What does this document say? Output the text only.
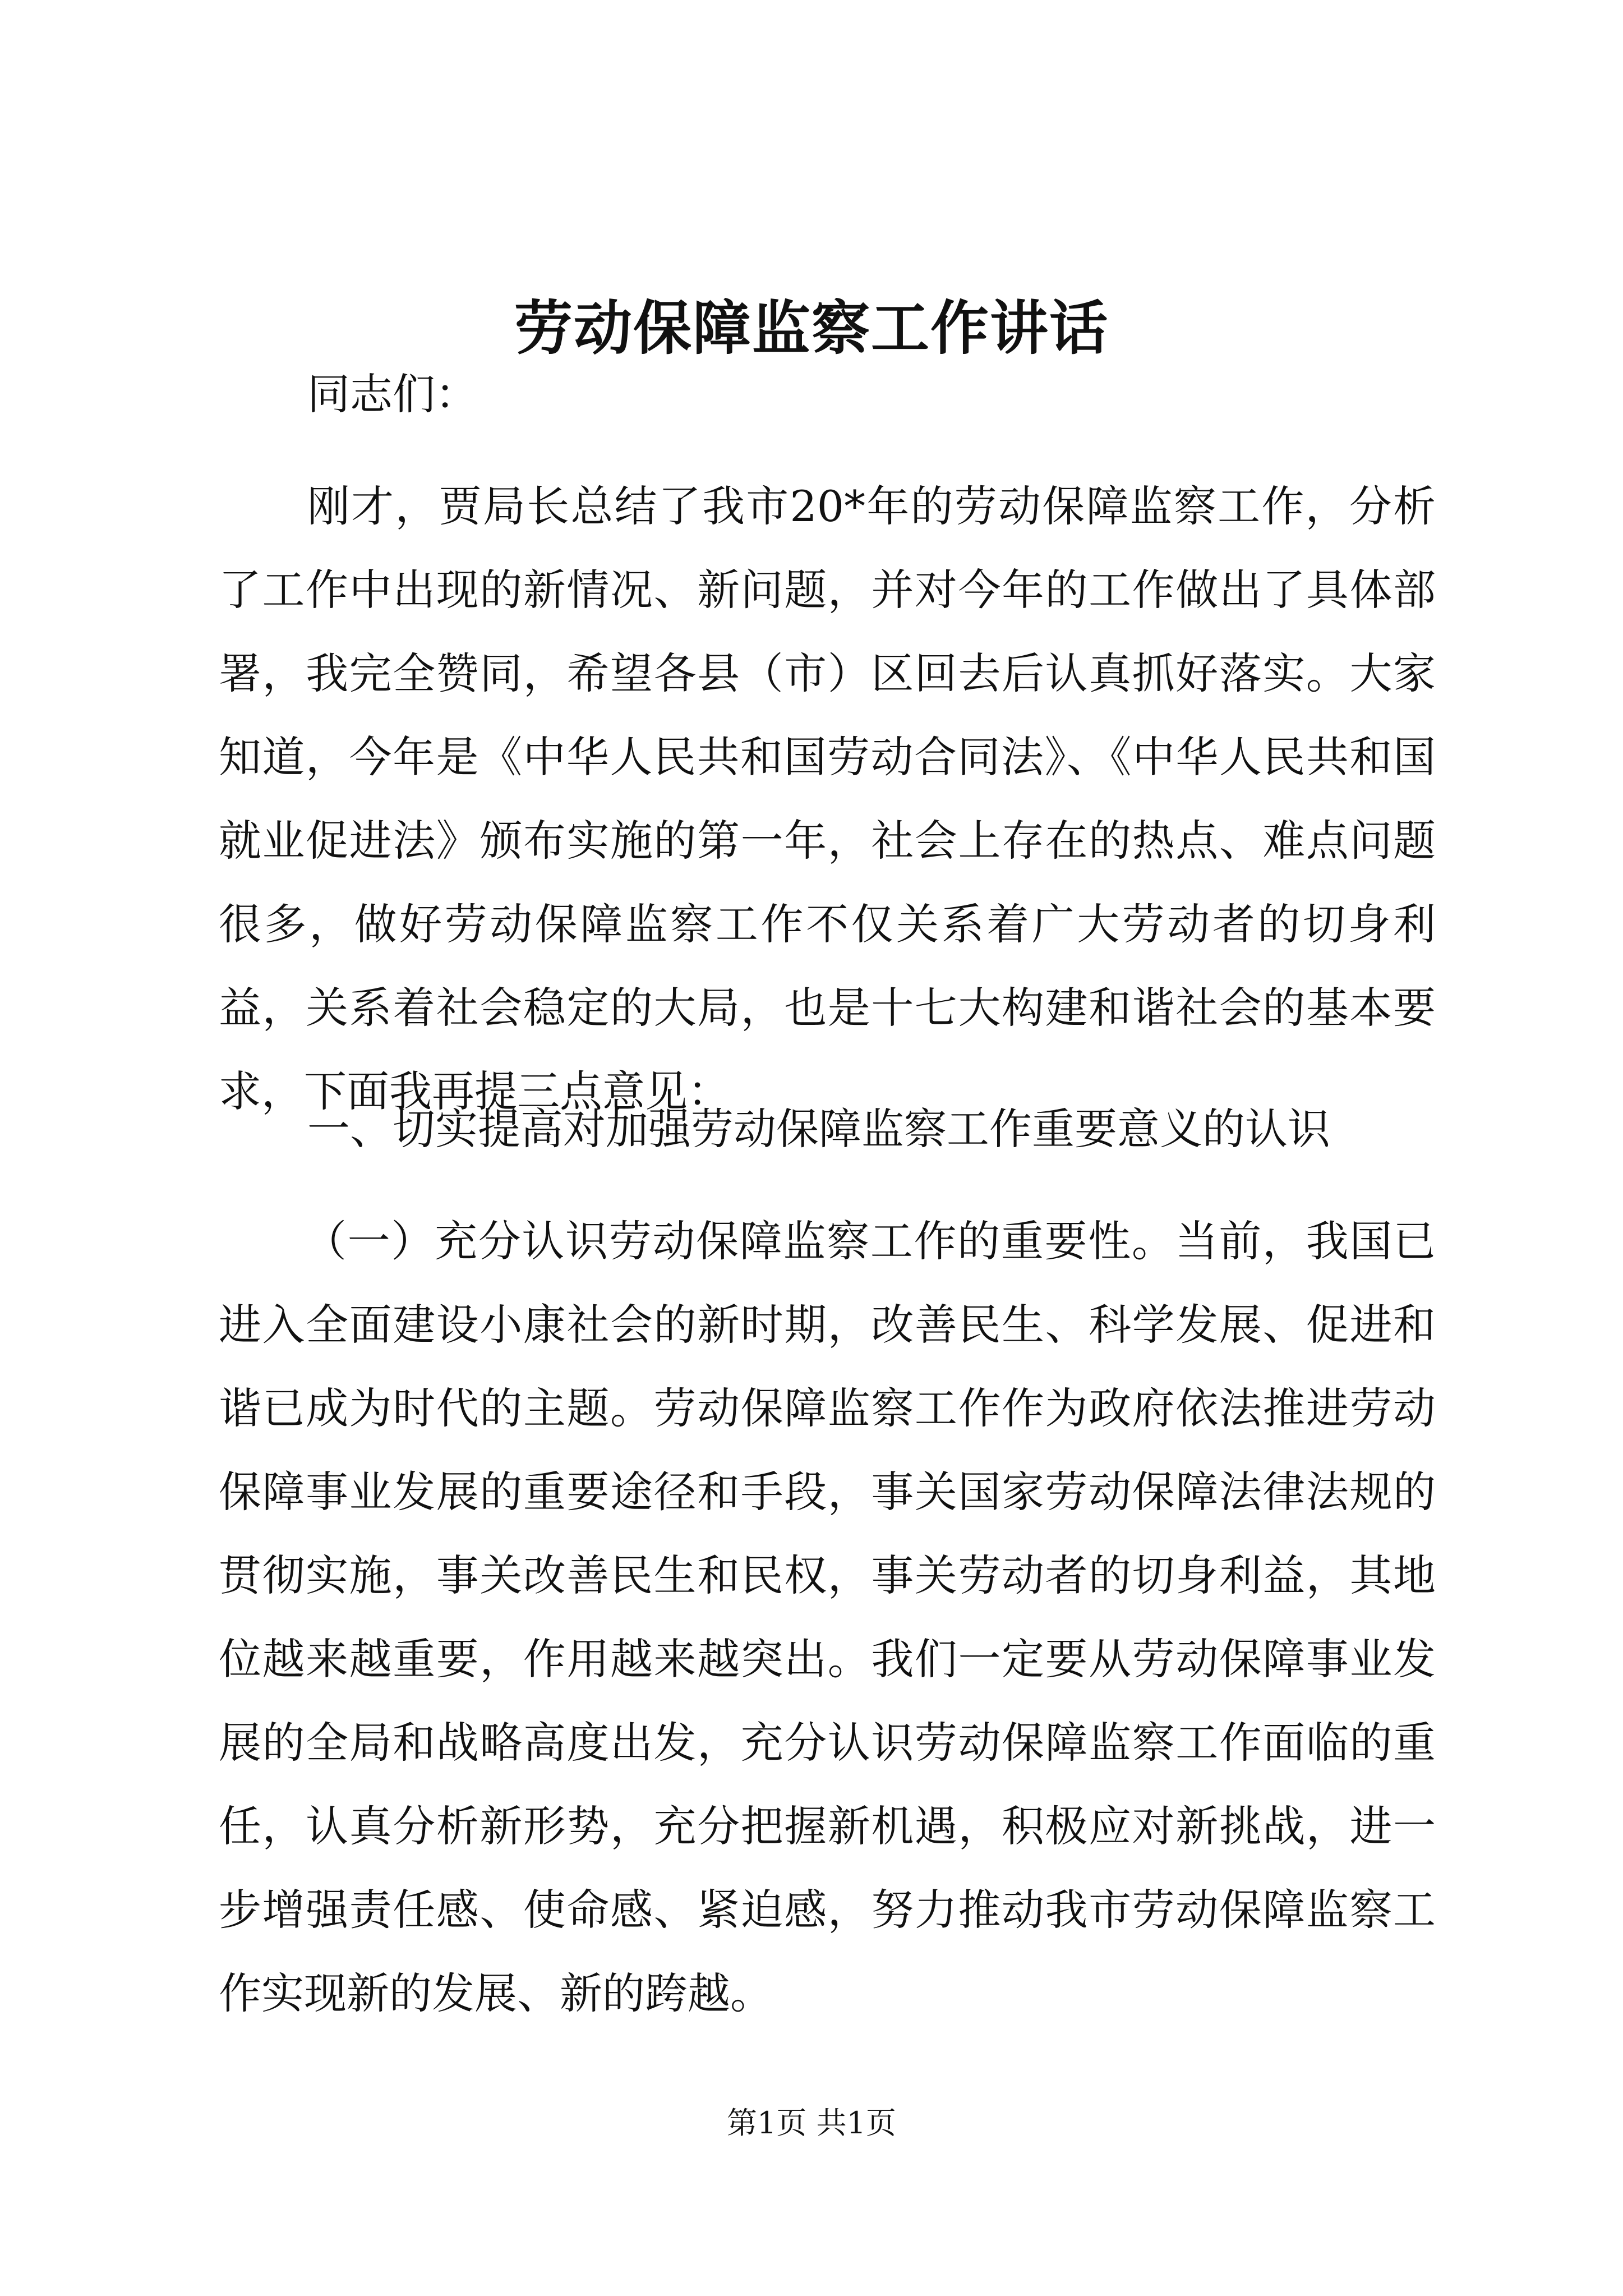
劳动保障监察工作讲话

同志们：

刚才，贾局长总结了我市20*年的劳动保障监察工作，分析了工作中出现的新情况、新问题，并对今年的工作做出了具体部署，我完全赞同，希望各县（市）区回去后认真抓好落实。大家知道，今年是《中华人民共和国劳动合同法》、《中华人民共和国就业促进法》颁布实施的第一年，社会上存在的热点、难点问题很多，做好劳动保障监察工作不仅关系着广大劳动者的切身利益，关系着社会稳定的大局，也是十七大构建和谐社会的基本要求，下面我再提三点意见：

一、切实提高对加强劳动保障监察工作重要意义的认识

（一）充分认识劳动保障监察工作的重要性。当前，我国已进入全面建设小康社会的新时期，改善民生、科学发展、促进和谐已成为时代的主题。劳动保障监察工作作为政府依法推进劳动保障事业发展的重要途径和手段，事关国家劳动保障法律法规的贯彻实施，事关改善民生和民权，事关劳动者的切身利益，其地位越来越重要，作用越来越突出。我们一定要从劳动保障事业发展的全局和战略高度出发，充分认识劳动保障监察工作面临的重任，认真分析新形势，充分把握新机遇，积极应对新挑战，进一步增强责任感、使命感、紧迫感，努力推动我市劳动保障监察工作实现新的发展、新的跨越。

第1页 共1页
